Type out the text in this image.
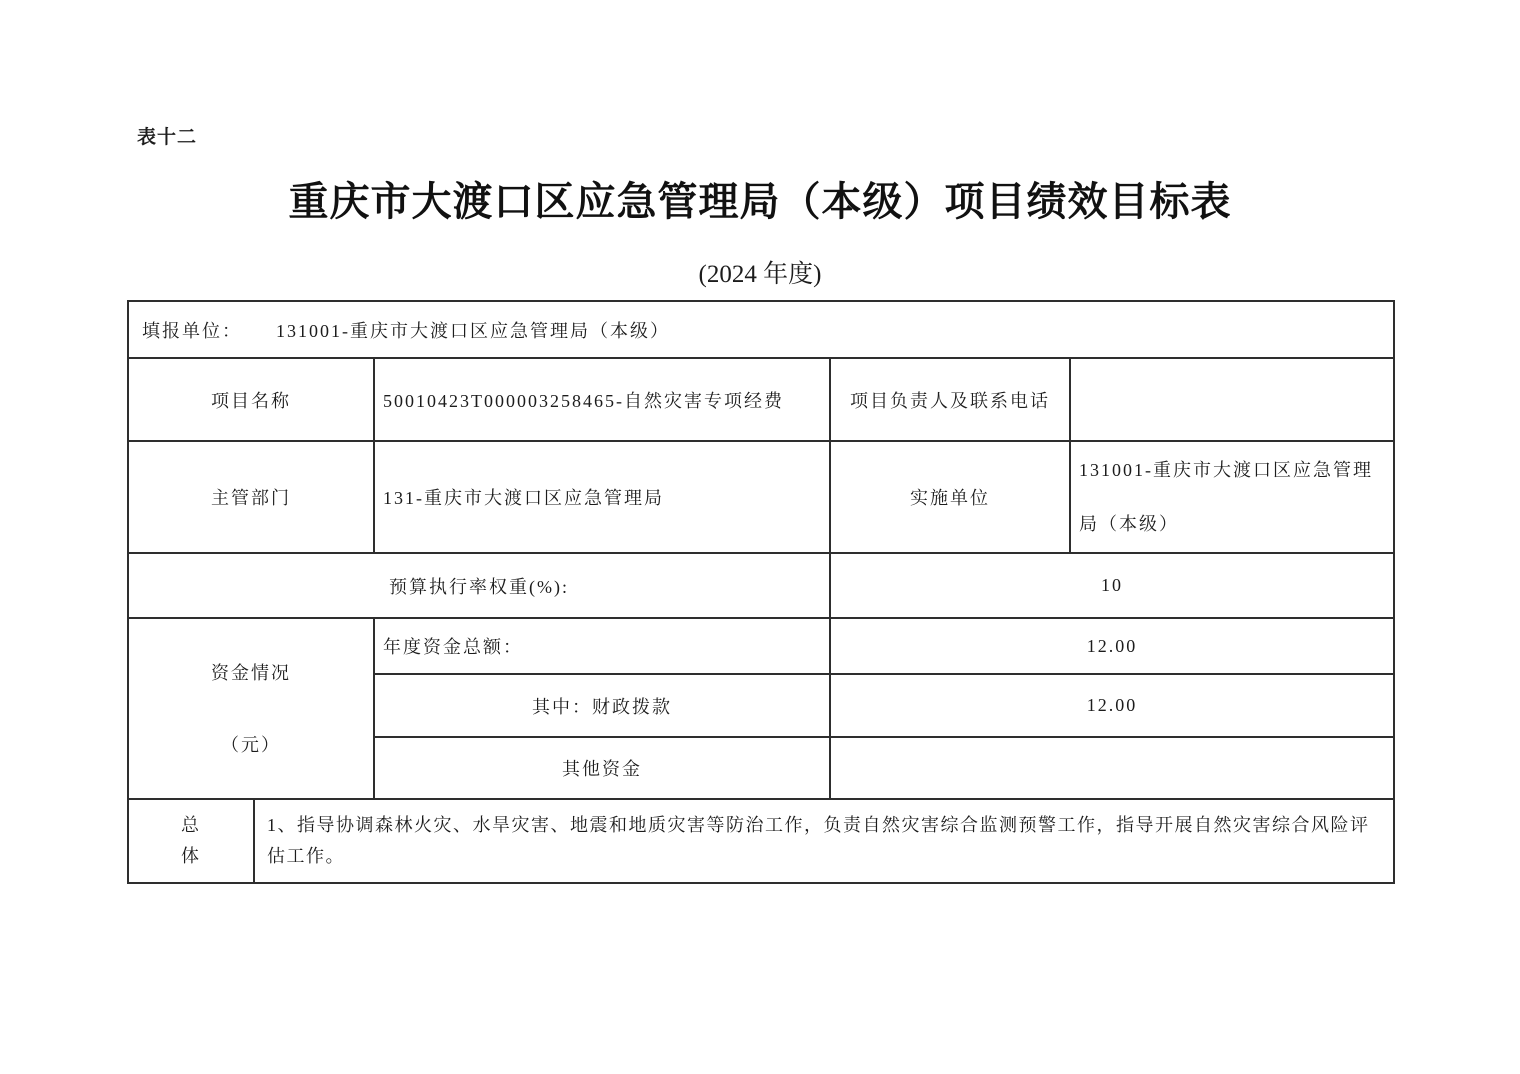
表十二
重庆市大渡口区应急管理局（本级）项目绩效目标表
(2024 年度)
填报单位： 131001-重庆市大渡口区应急管理局（本级）				
项目名称		50010423T000003258465-自然灾害专项经费	项目负责人及联系电话	
主管部门		131-重庆市大渡口区应急管理局	实施单位	131001-重庆市大渡口区应急管理局（本级）
预算执行率权重(%):			10	

资金情况
（元）		年度资金总额：	12.00	
		其中：财政拨款	12.00	
		其他资金		

总
体	1、指导协调森林火灾、水旱灾害、地震和地质灾害等防治工作，负责自然灾害综合监测预警工作，指导开展自然灾害综合风险评估工作。			
